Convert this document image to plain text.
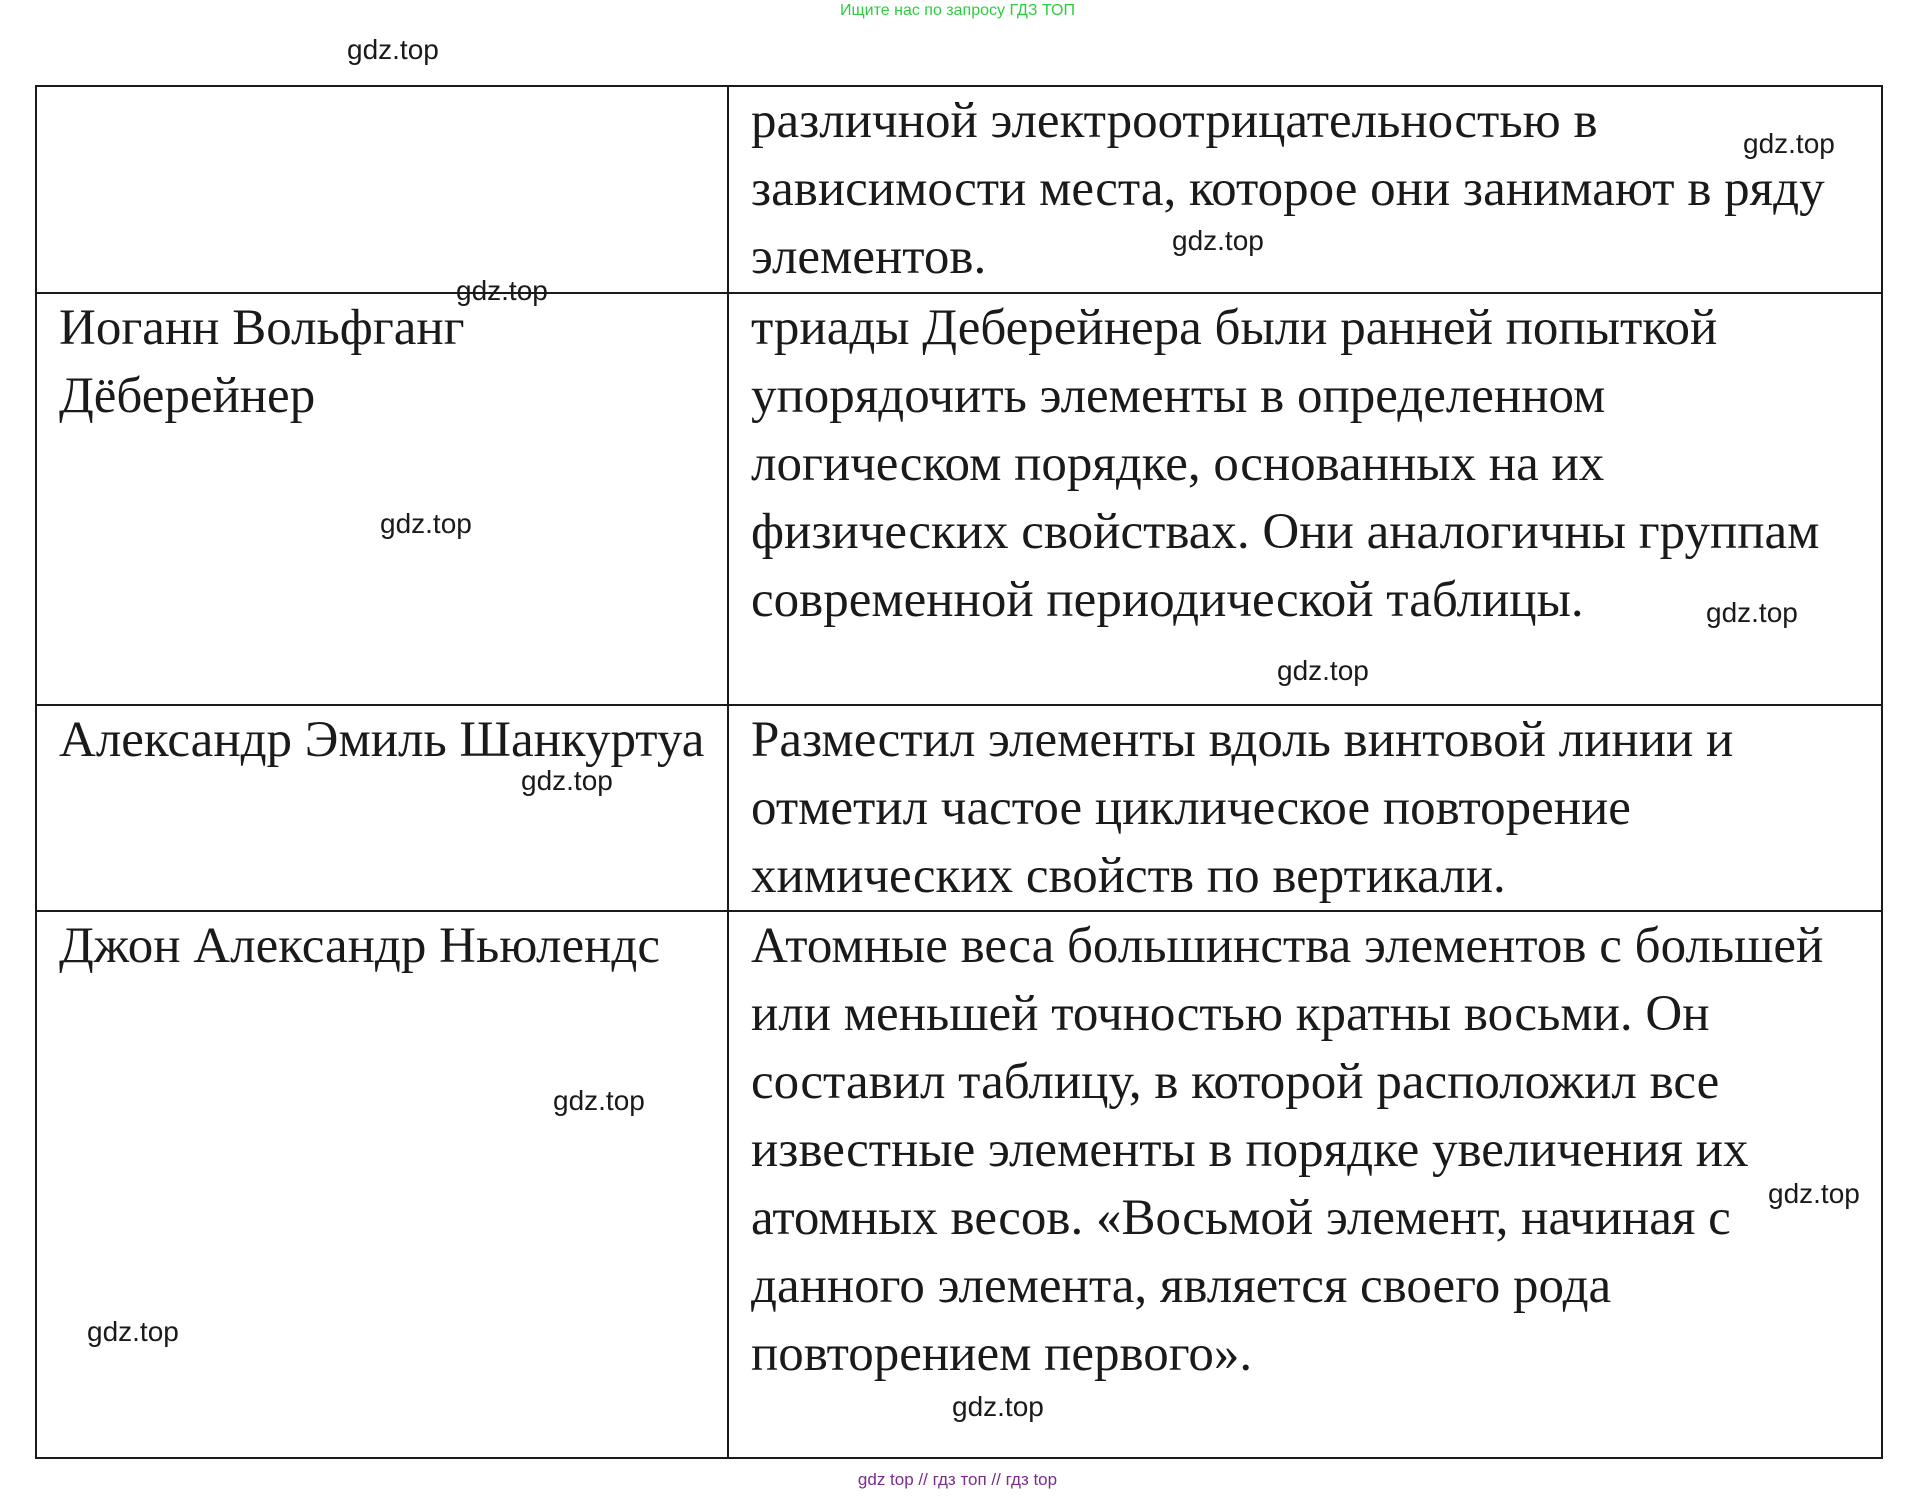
Ищите нас по запросу ГДЗ ТОП
gdz.top
	различной электроотрицательностью в зависимости места, которое они занимают в ряду элементов.
Иоганн Вольфганг Дёберейнер	триады Деберейнера были ранней попыткой упорядочить элементы в определенном логическом порядке, основанных на их физических свойствах. Они аналогичны группам современной периодической таблицы.
Александр Эмиль Шанкуртуа	Разместил элементы вдоль винтовой линии и отметил частое циклическое повторение химических свойств по вертикали.
Джон Александр Ньюлендс	Атомные веса большинства элементов с большей или меньшей точностью кратны восьми. Он составил таблицу, в которой расположил все известные элементы в порядке увеличения их атомных весов. «Восьмой элемент, начиная с данного элемента, является своего рода повторением первого».
gdz.top
gdz.top
gdz.top
gdz.top
gdz.top
gdz.top
gdz.top
gdz.top
gdz.top
gdz.top
gdz.top
gdz top // гдз топ // гдз top
